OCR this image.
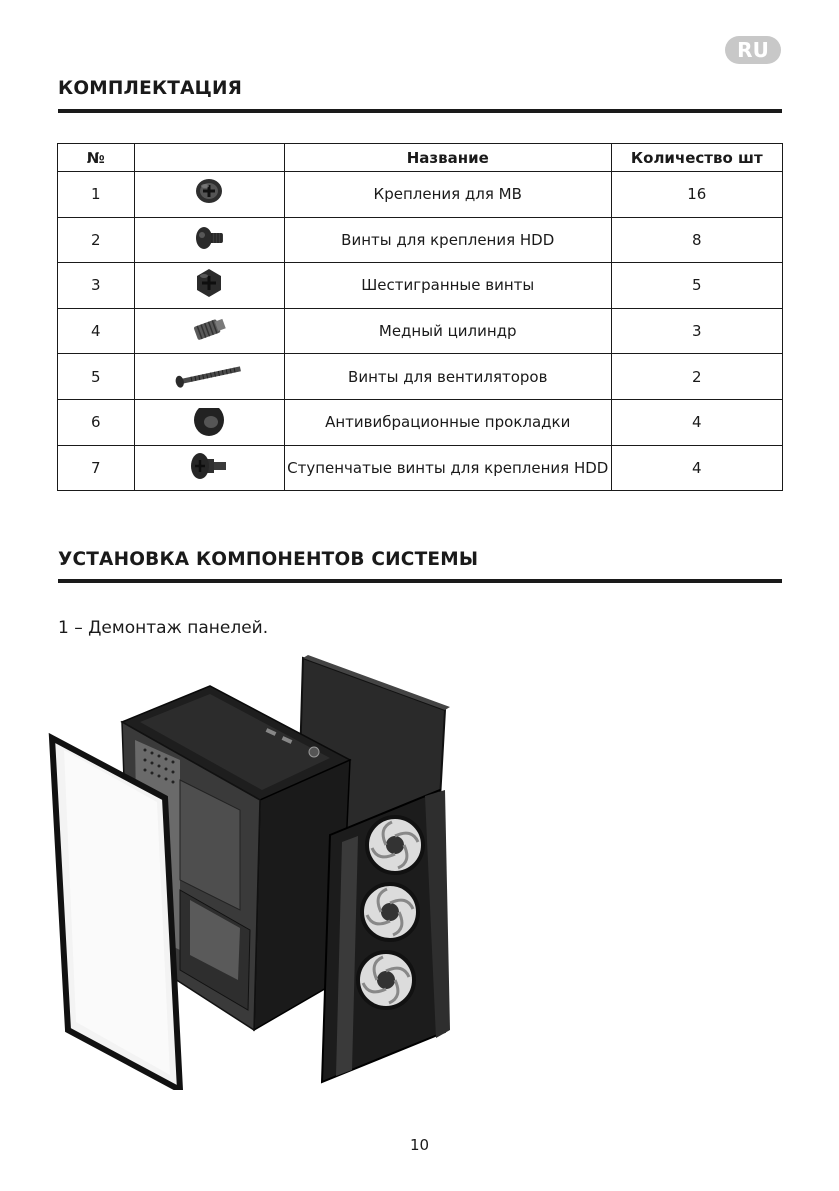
RU
КОМПЛЕКТАЦИЯ
№		Название	Количество шт
1		Крепления для MB	16
2		Винты для крепления HDD	8
3		Шестигранные винты	5
4		Медный цилиндр	3
5		Винты для вентиляторов	2
6		Антивибрационные прокладки	4
7		Ступенчатые винты для крепления HDD	4
УСТАНОВКА КОМПОНЕНТОВ СИСТЕМЫ
1 – Демонтаж панелей.
10
